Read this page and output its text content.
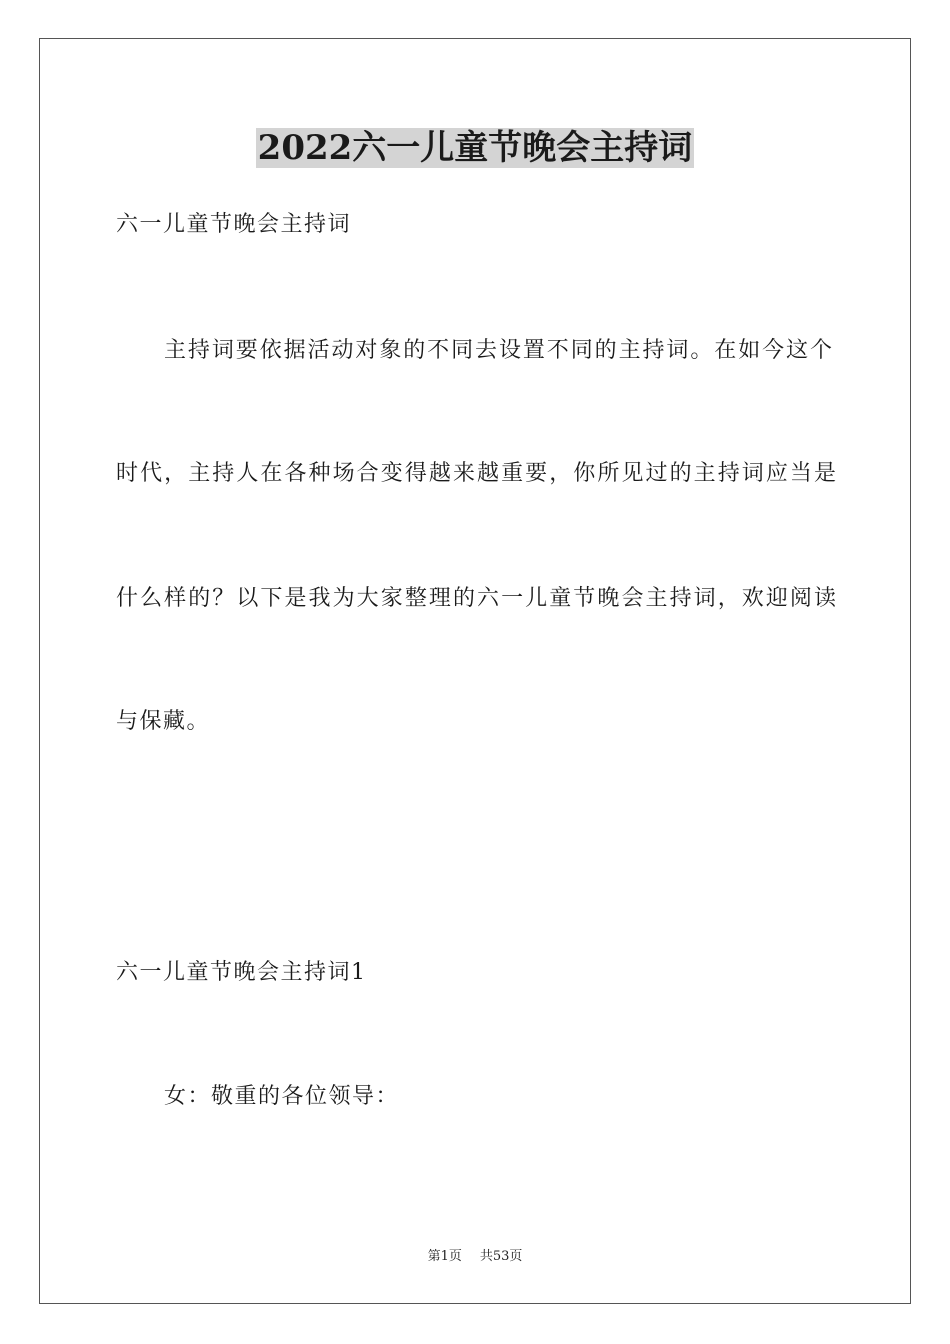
2022六一儿童节晚会主持词

六一儿童节晚会主持词

主持词要依据活动对象的不同去设置不同的主持词。在如今这个

时代，主持人在各种场合变得越来越重要，你所见过的主持词应当是

什么样的？以下是我为大家整理的六一儿童节晚会主持词，欢迎阅读

与保藏。

六一儿童节晚会主持词1

女：敬重的各位领导：

第1页 共53页
